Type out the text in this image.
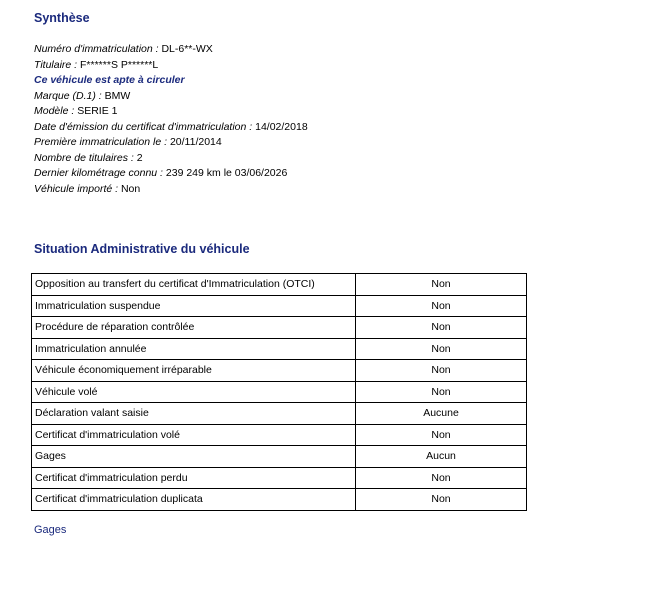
Synthèse
Numéro d'immatriculation : DL-6**-WX
Titulaire : F******S P******L
Ce véhicule est apte à circuler
Marque (D.1) : BMW
Modèle : SERIE 1
Date d'émission du certificat d'immatriculation : 14/02/2018
Première immatriculation le : 20/11/2014
Nombre de titulaires : 2
Dernier kilométrage connu : 239 249 km le 03/06/2026
Véhicule importé : Non
Situation Administrative du véhicule
Opposition au transfert du certificat d'Immatriculation (OTCI)	Non
Immatriculation suspendue	Non
Procédure de réparation contrôlée	Non
Immatriculation annulée	Non
Véhicule économiquement irréparable	Non
Véhicule volé	Non
Déclaration valant saisie	Aucune
Certificat d'immatriculation volé	Non
Gages	Aucun
Certificat d'immatriculation perdu	Non
Certificat d'immatriculation duplicata	Non
Gages
